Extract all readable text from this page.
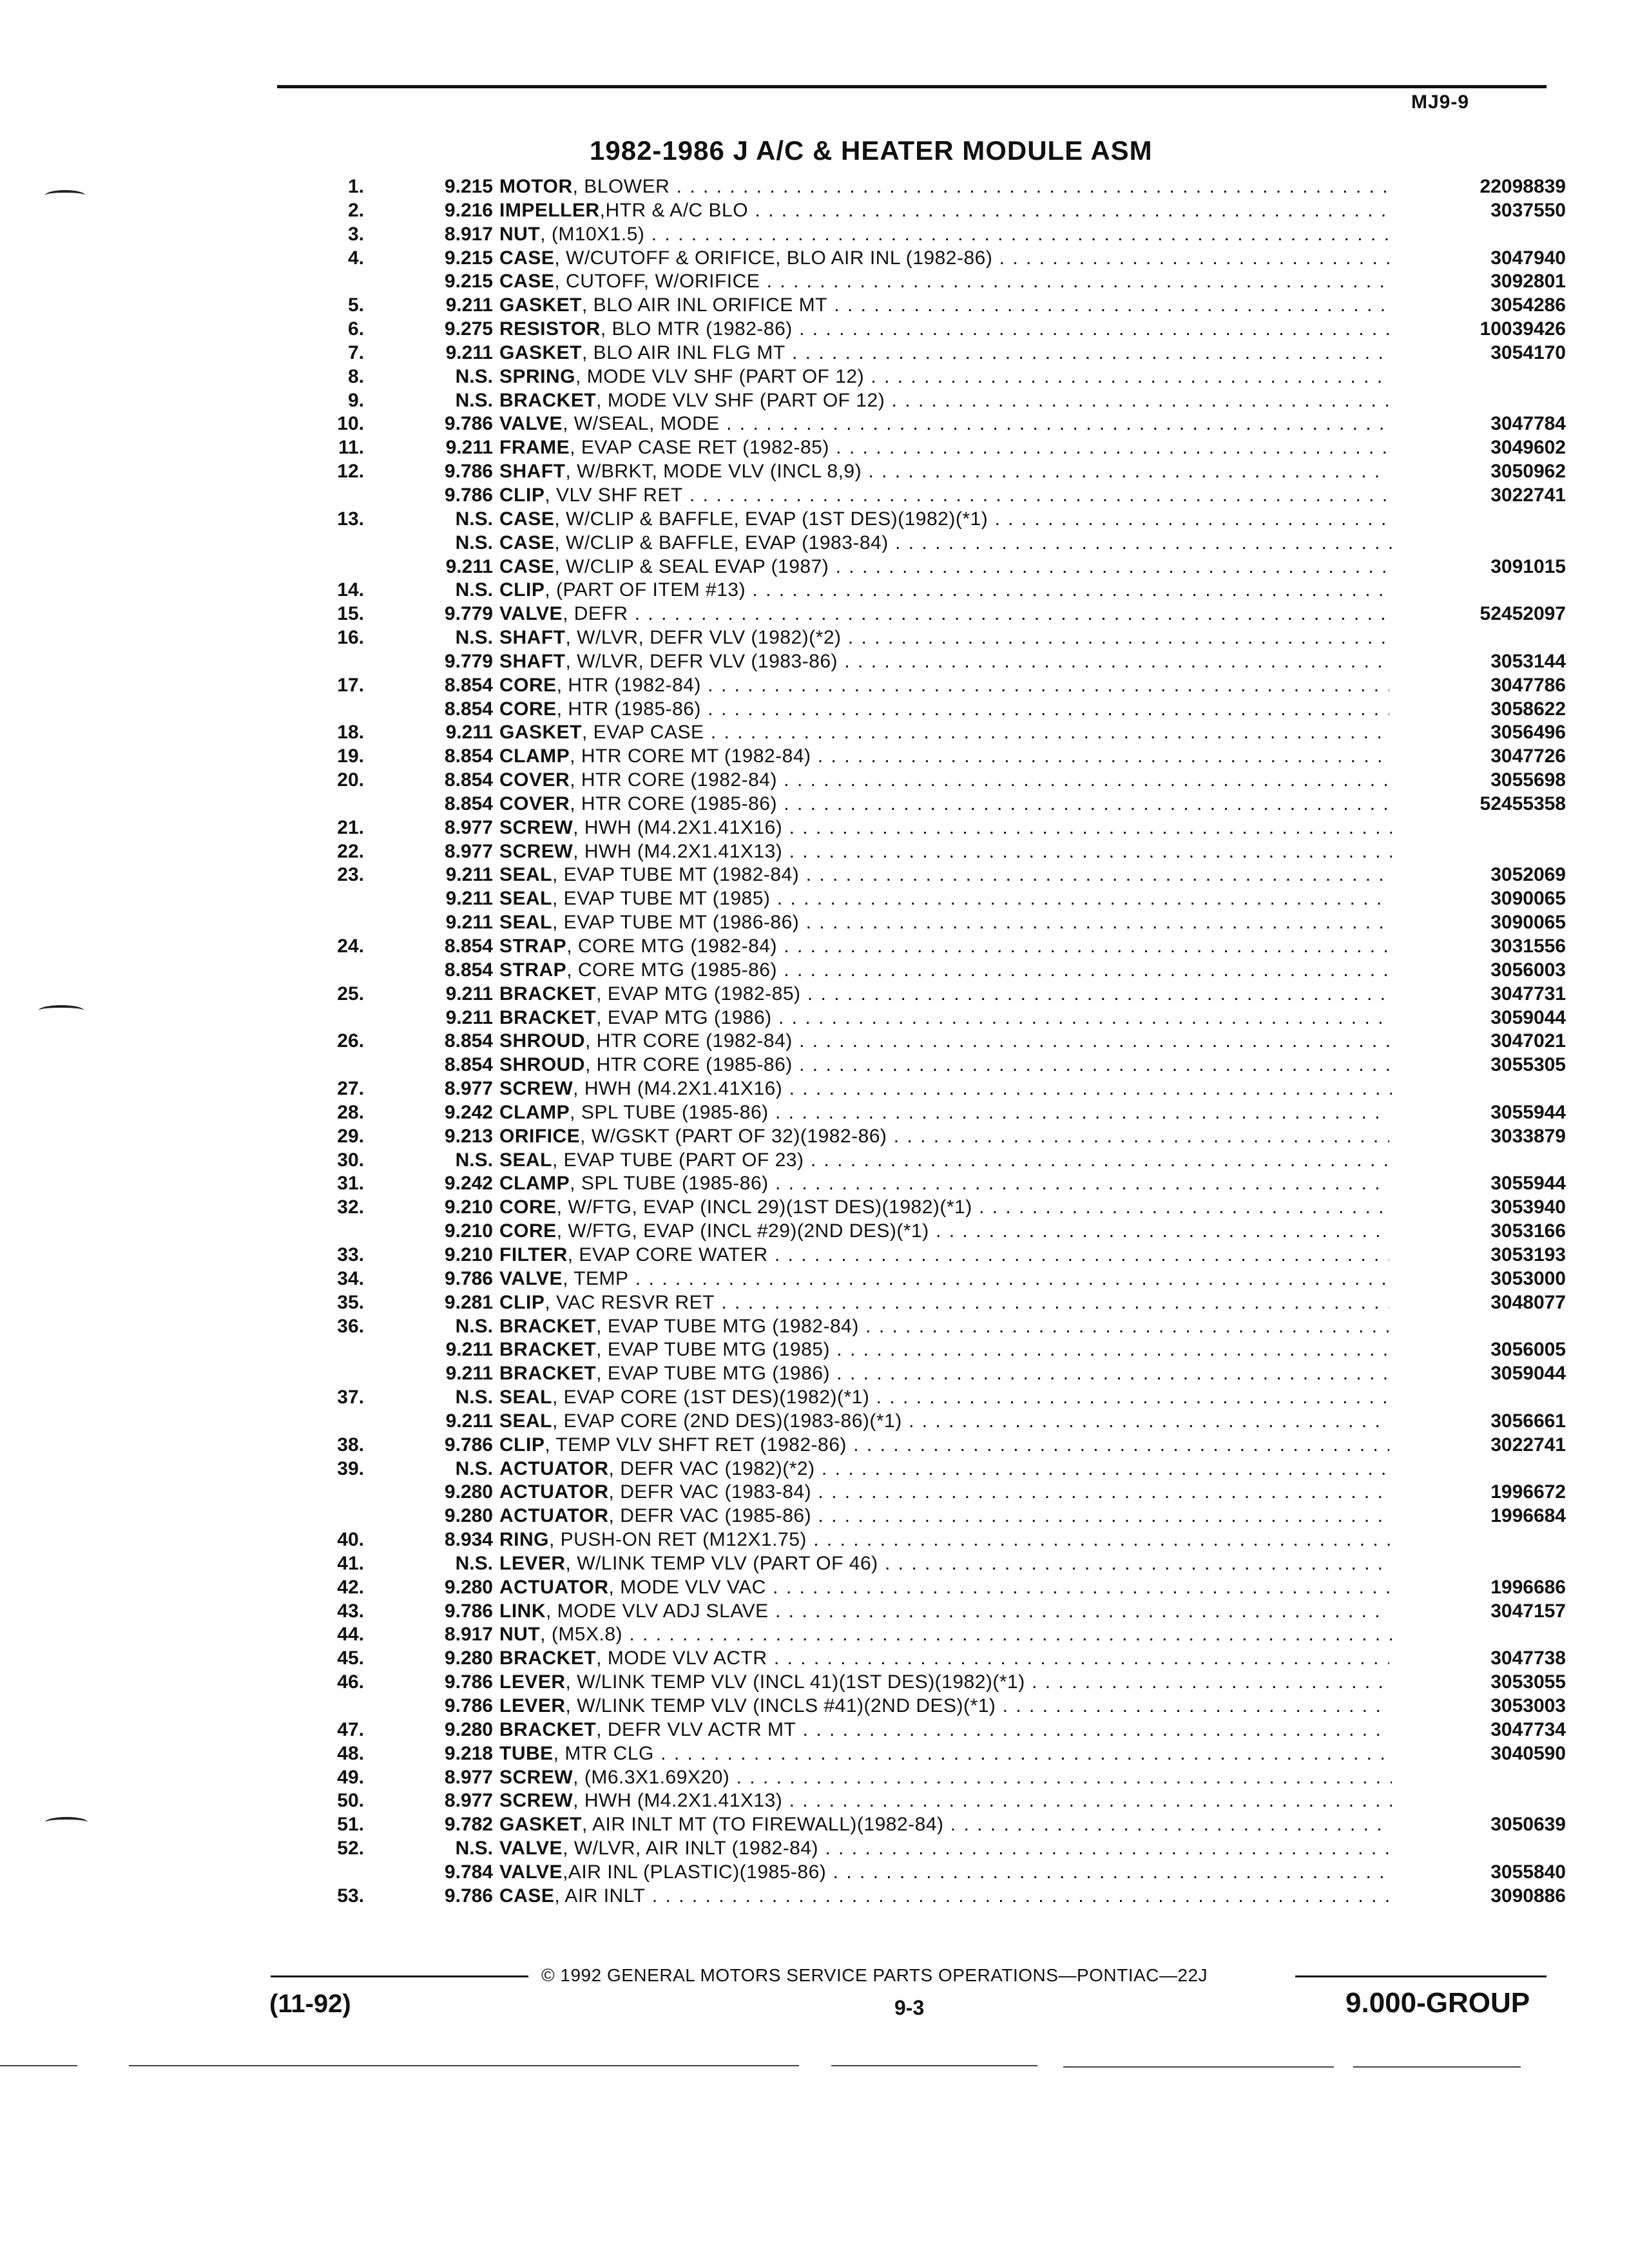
MJ9-9
1982-1986 J A/C & HEATER MODULE ASM
1.	9.215 MOTOR, BLOWER . . .	22098839
2.	9.216 IMPELLER,HTR & A/C BLO . . .	3037550
3.	8.917 NUT, (M10X1.5) . . .
4.	9.215 CASE, W/CUTOFF & ORIFICE, BLO AIR INL (1982-86) . . .	3047940
9.215 CASE, CUTOFF, W/ORIFICE . . .	3092801
5.	9.211 GASKET, BLO AIR INL ORIFICE MT . . .	3054286
6.	9.275 RESISTOR, BLO MTR (1982-86) . . .	10039426
7.	9.211 GASKET, BLO AIR INL FLG MT . . .	3054170
8.	N.S. SPRING, MODE VLV SHF (PART OF 12) . . .
9.	N.S. BRACKET, MODE VLV SHF (PART OF 12) . . .
10.	9.786 VALVE, W/SEAL, MODE . . .	3047784
11.	9.211 FRAME, EVAP CASE RET (1982-85) . . .	3049602
12.	9.786 SHAFT, W/BRKT, MODE VLV (INCL 8,9) . . .	3050962
9.786 CLIP, VLV SHF RET . . .	3022741
13.	N.S. CASE, W/CLIP & BAFFLE, EVAP (1ST DES)(1982)(*1) . . .
N.S. CASE, W/CLIP & BAFFLE, EVAP (1983-84) . . .
9.211 CASE, W/CLIP & SEAL EVAP (1987) . . .	3091015
14.	N.S. CLIP, (PART OF ITEM #13) . . .
15.	9.779 VALVE, DEFR . . .	52452097
16.	N.S. SHAFT, W/LVR, DEFR VLV (1982)(*2) . . .
9.779 SHAFT, W/LVR, DEFR VLV (1983-86) . . .	3053144
17.	8.854 CORE, HTR (1982-84) . . .	3047786
8.854 CORE, HTR (1985-86) . . .	3058622
18.	9.211 GASKET, EVAP CASE . . .	3056496
19.	8.854 CLAMP, HTR CORE MT (1982-84) . . .	3047726
20.	8.854 COVER, HTR CORE (1982-84) . . .	3055698
8.854 COVER, HTR CORE (1985-86) . . .	52455358
21.	8.977 SCREW, HWH (M4.2X1.41X16) . . .
22.	8.977 SCREW, HWH (M4.2X1.41X13) . . .
23.	9.211 SEAL, EVAP TUBE MT (1982-84) . . .	3052069
9.211 SEAL, EVAP TUBE MT (1985) . . .	3090065
9.211 SEAL, EVAP TUBE MT (1986-86) . . .	3090065
24.	8.854 STRAP, CORE MTG (1982-84) . . .	3031556
8.854 STRAP, CORE MTG (1985-86) . . .	3056003
25.	9.211 BRACKET, EVAP MTG (1982-85) . . .	3047731
9.211 BRACKET, EVAP MTG (1986) . . .	3059044
26.	8.854 SHROUD, HTR CORE (1982-84) . . .	3047021
8.854 SHROUD, HTR CORE (1985-86) . . .	3055305
27.	8.977 SCREW, HWH (M4.2X1.41X16) . . .
28.	9.242 CLAMP, SPL TUBE (1985-86) . . .	3055944
29.	9.213 ORIFICE, W/GSKT (PART OF 32)(1982-86) . . .	3033879
30.	N.S. SEAL, EVAP TUBE (PART OF 23) . . .
31.	9.242 CLAMP, SPL TUBE (1985-86) . . .	3055944
32.	9.210 CORE, W/FTG, EVAP (INCL 29)(1ST DES)(1982)(*1) . . .	3053940
9.210 CORE, W/FTG, EVAP (INCL #29)(2ND DES)(*1) . . .	3053166
33.	9.210 FILTER, EVAP CORE WATER . . .	3053193
34.	9.786 VALVE, TEMP . . .	3053000
35.	9.281 CLIP, VAC RESVR RET . . .	3048077
36.	N.S. BRACKET, EVAP TUBE MTG (1982-84) . . .
9.211 BRACKET, EVAP TUBE MTG (1985) . . .	3056005
9.211 BRACKET, EVAP TUBE MTG (1986) . . .	3059044
37.	N.S. SEAL, EVAP CORE (1ST DES)(1982)(*1) . . .
9.211 SEAL, EVAP CORE (2ND DES)(1983-86)(*1) . . .	3056661
38.	9.786 CLIP, TEMP VLV SHFT RET (1982-86) . . .	3022741
39.	N.S. ACTUATOR, DEFR VAC (1982)(*2) . . .
9.280 ACTUATOR, DEFR VAC (1983-84) . . .	1996672
9.280 ACTUATOR, DEFR VAC (1985-86) . . .	1996684
40.	8.934 RING, PUSH-ON RET (M12X1.75) . . .
41.	N.S. LEVER, W/LINK TEMP VLV (PART OF 46) . . .
42.	9.280 ACTUATOR, MODE VLV VAC . . .	1996686
43.	9.786 LINK, MODE VLV ADJ SLAVE . . .	3047157
44.	8.917 NUT, (M5X.8) . . .
45.	9.280 BRACKET, MODE VLV ACTR . . .	3047738
46.	9.786 LEVER, W/LINK TEMP VLV (INCL 41)(1ST DES)(1982)(*1) . . .	3053055
9.786 LEVER, W/LINK TEMP VLV (INCLS #41)(2ND DES)(*1) . . .	3053003
47.	9.280 BRACKET, DEFR VLV ACTR MT . . .	3047734
48.	9.218 TUBE, MTR CLG . . .	3040590
49.	8.977 SCREW, (M6.3X1.69X20) . . .
50.	8.977 SCREW, HWH (M4.2X1.41X13) . . .
51.	9.782 GASKET, AIR INLT MT (TO FIREWALL)(1982-84) . . .	3050639
52.	N.S. VALVE, W/LVR, AIR INLT (1982-84) . . .
9.784 VALVE,AIR INL (PLASTIC)(1985-86) . . .	3055840
53.	9.786 CASE, AIR INLT . . .	3090886
© 1992 GENERAL MOTORS SERVICE PARTS OPERATIONS—PONTIAC—22J
(11-92)	9-3	9.000-GROUP
